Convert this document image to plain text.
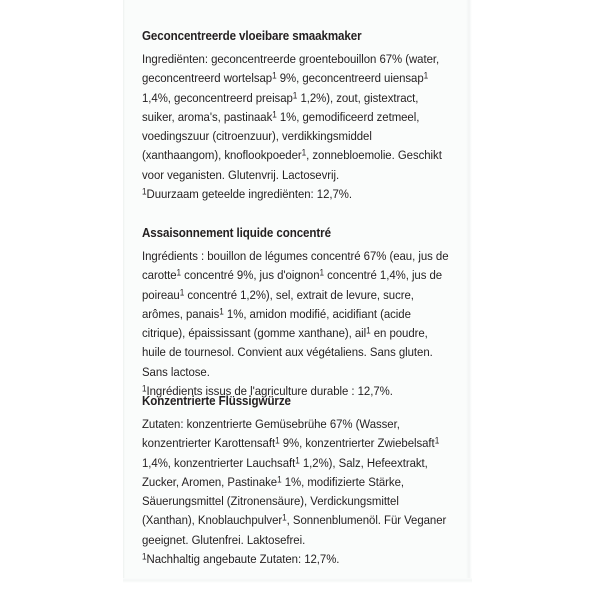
Geconcentreerde vloeibare smaakmaker

Ingrediënten: geconcentreerde groentebouillon 67% (water, geconcentreerd wortelsap$^1$ 9%, geconcentreerd uiensap$^1$ 1,4%, geconcentreerd preisap$^1$ 1,2%), zout, gistextract, suiker, aroma's, pastinaak$^1$ 1%, gemodificeerd zetmeel, voedingszuur (citroenzuur), verdikkingsmiddel (xanthaangom), knoflookpoeder$^1$, zonnebloemolie. Geschikt voor veganisten. Glutenvrij. Lactosevrij.

$^1$Duurzaam geteelde ingrediënten: 12,7%.

Assaisonnement liquide concentré

Ingrédients : bouillon de légumes concentré 67% (eau, jus de carotte$^1$ concentré 9%, jus d'oignon$^1$ concentré 1,4%, jus de poireau$^1$ concentré 1,2%), sel, extrait de levure, sucre, arômes, panais$^1$ 1%, amidon modifié, acidifiant (acide citrique), épaississant (gomme xanthane), ail$^1$ en poudre, huile de tournesol. Convient aux végétaliens. Sans gluten. Sans lactose.

$^1$Ingrédients issus de l'agriculture durable : 12,7%.

Konzentrierte Flüssigwürze

Zutaten: konzentrierte Gemüsebrühe 67% (Wasser, konzentrierter Karottensaft$^1$ 9%, konzentrierter Zwiebelsaft$^1$ 1,4%, konzentrierter Lauchsaft$^1$ 1,2%), Salz, Hefeextrakt, Zucker, Aromen, Pastinake$^1$ 1%, modifizierte Stärke, Säuerungsmittel (Zitronensäure), Verdickungsmittel (Xanthan), Knoblauchpulver$^1$, Sonnenblumenöl. Für Veganer geeignet. Glutenfrei. Laktosefrei.

$^1$Nachhaltig angebaute Zutaten: 12,7%.
